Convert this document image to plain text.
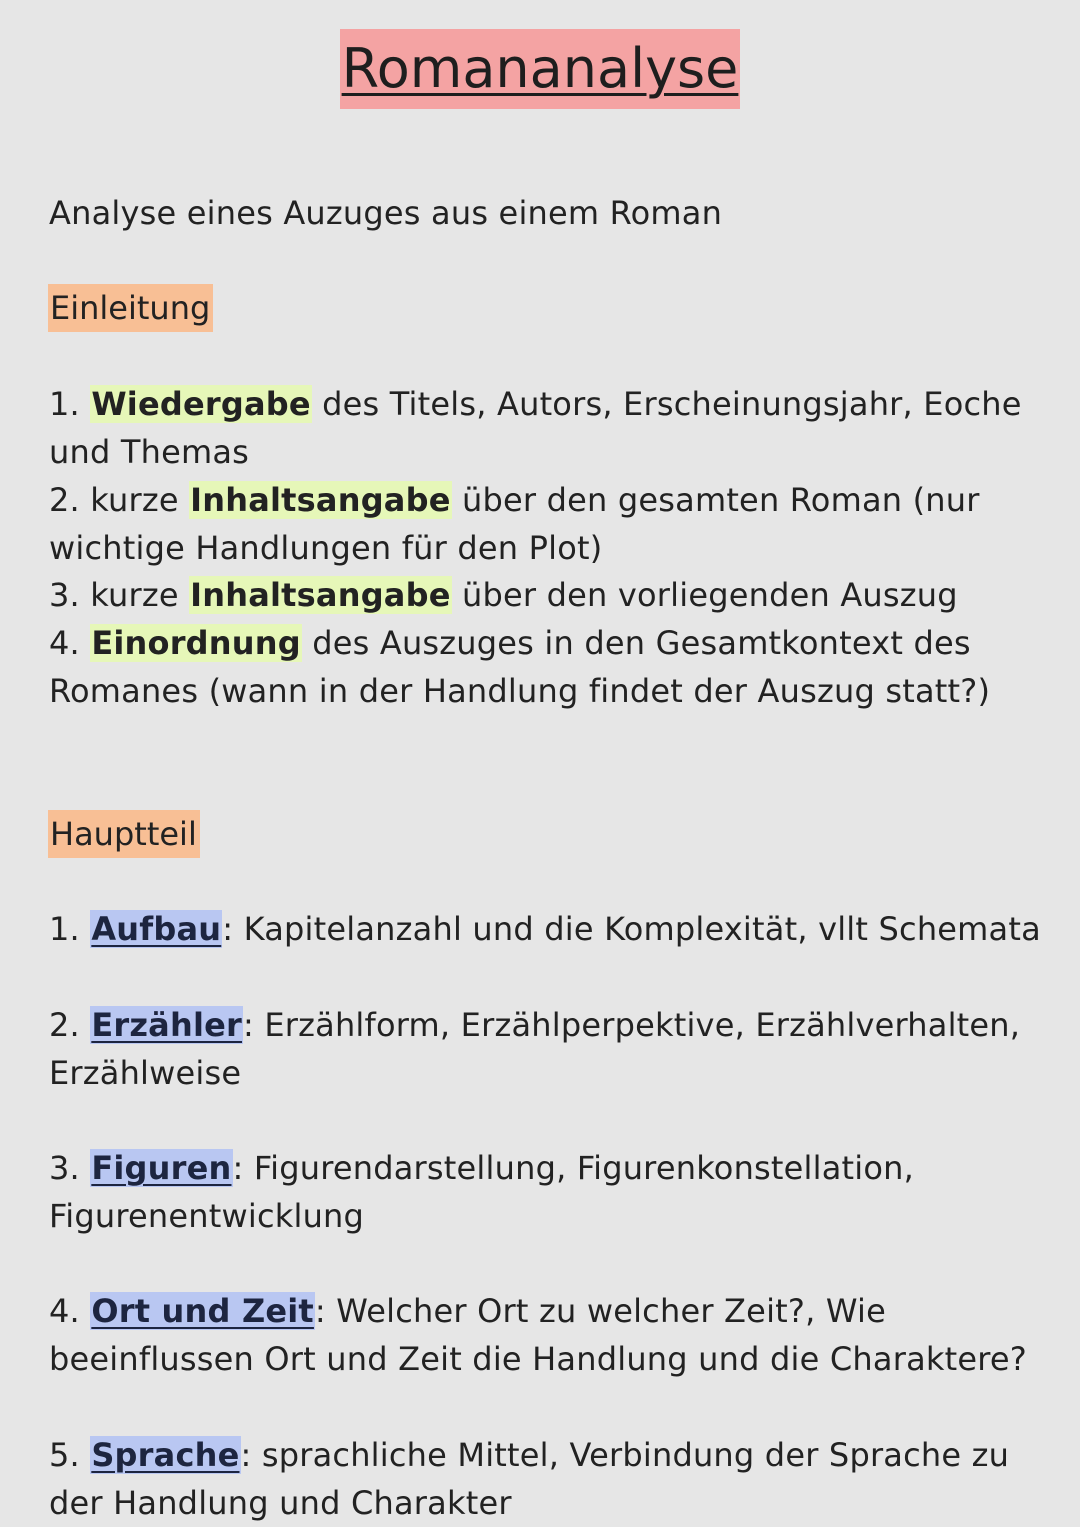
Romananalyse
Analyse eines Auzuges aus einem Roman
Einleitung
1. Wiedergabe des Titels, Autors, Erscheinungsjahr, Eoche
und Themas
2. kurze Inhaltsangabe über den gesamten Roman (nur
wichtige Handlungen für den Plot)
3. kurze Inhaltsangabe über den vorliegenden Auszug
4. Einordnung des Auszuges in den Gesamtkontext des
Romanes (wann in der Handlung findet der Auszug statt?)
Hauptteil
1. Aufbau: Kapitelanzahl und die Komplexität, vllt Schemata
2. Erzähler: Erzählform, Erzählperpektive, Erzählverhalten,
Erzählweise
3. Figuren: Figurendarstellung, Figurenkonstellation,
Figurenentwicklung
4. Ort und Zeit: Welcher Ort zu welcher Zeit?, Wie
beeinflussen Ort und Zeit die Handlung und die Charaktere?
5. Sprache: sprachliche Mittel, Verbindung der Sprache zu
der Handlung und Charakter
